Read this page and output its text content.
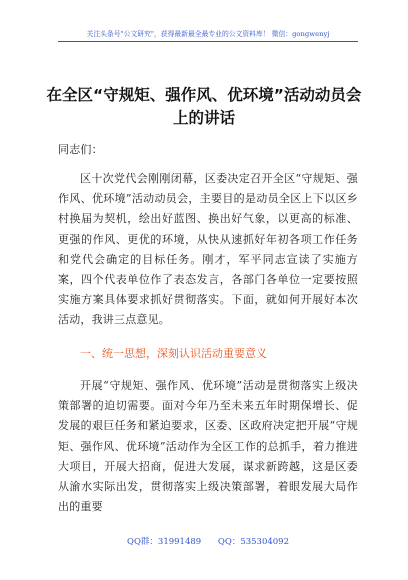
关注头条号"公文研究"，获得最新最全最专业的公文资料库！ 微信：gongwenyj
在全区“守规矩、强作风、优环境”活动动员会上的讲话
同志们：
区十次党代会刚刚闭幕，区委决定召开全区“守规矩、强作风、优环境”活动动员会，主要目的是动员全区上下以区乡村换届为契机，绘出好蓝图、换出好气象，以更高的标准、更强的作风、更优的环境，从快从速抓好年初各项工作任务和党代会确定的目标任务。刚才，军平同志宣读了实施方案，四个代表单位作了表态发言，各部门各单位一定要按照实施方案具体要求抓好贯彻落实。下面，就如何开展好本次活动，我讲三点意见。
一、统一思想，深刻认识活动重要意义
开展“守规矩、强作风、优环境”活动是贯彻落实上级决策部署的迫切需要。面对今年乃至未来五年时期保增长、促发展的艰巨任务和紧迫要求，区委、区政府决定把开展“守规矩、强作风、优环境”活动作为全区工作的总抓手，着力推进大项目，开展大招商，促进大发展，谋求新跨越，这是区委从渝水实际出发，贯彻落实上级决策部署，着眼发展大局作出的重要
QQ群：31991489 QQ：535304092
